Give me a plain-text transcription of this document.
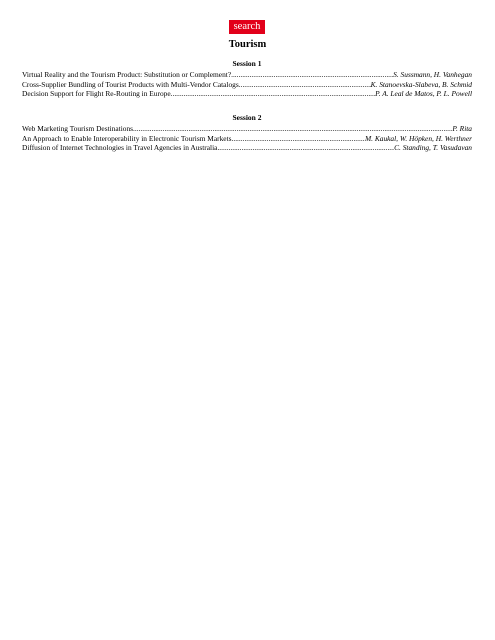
search
Tourism
Session 1
Virtual Reality and the Tourism Product: Substitution or Complement? .....	S. Sussmann, H. Vanhegan
Cross-Supplier Bundling of Tourist Products with Multi-Vendor Catalogs .....	K. Stanoevska-Slabeva, B. Schmid
Decision Support for Flight Re-Routing in Europe .....	P. A. Leal de Matos, P. L. Powell
Session 2
Web Marketing Tourism Destinations .....	P. Rita
An Approach to Enable Interoperability in Electronic Tourism Markets .....	M. Kaukal, W. Höpken, H. Werthner
Diffusion of Internet Technologies in Travel Agencies in Australia .....	C. Standing, T. Vasudavan
